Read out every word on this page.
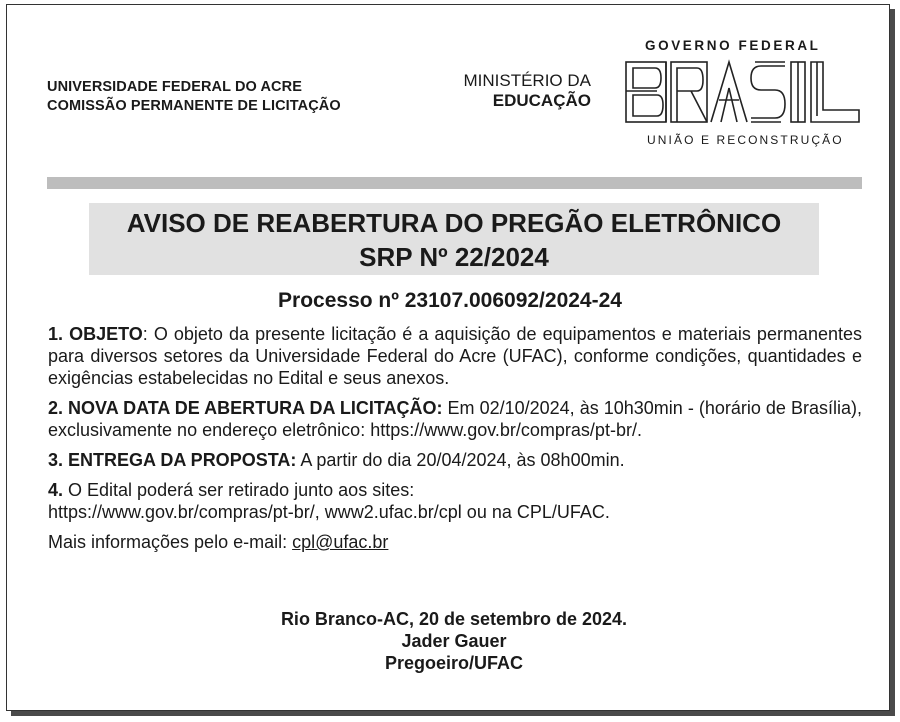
UNIVERSIDADE FEDERAL DO ACRE
COMISSÃO PERMANENTE DE LICITAÇÃO
MINISTÉRIO DA
EDUCAÇÃO
GOVERNO FEDERAL
UNIÃO E RECONSTRUÇÃO
AVISO DE REABERTURA DO PREGÃO ELETRÔNICO
SRP Nº 22/2024
Processo nº 23107.006092/2024-24

1. OBJETO: O objeto da presente licitação é a aquisição de equipamentos e materiais permanentes para diversos setores da Universidade Federal do Acre (UFAC), conforme condições, quantidades e exigências estabelecidas no Edital e seus anexos.

2. NOVA DATA DE ABERTURA DA LICITAÇÃO: Em 02/10/2024, às 10h30min - (horário de Brasília), exclusivamente no endereço eletrônico: https://www.gov.br/compras/pt-br/.

3. ENTREGA DA PROPOSTA: A partir do dia 20/04/2024, às 08h00min.

4. O Edital poderá ser retirado junto aos sites:
https://www.gov.br/compras/pt-br/, www2.ufac.br/cpl ou na CPL/UFAC.

Mais informações pelo e-mail: cpl@ufac.br

Rio Branco-AC, 20 de setembro de 2024.
Jader Gauer
Pregoeiro/UFAC
